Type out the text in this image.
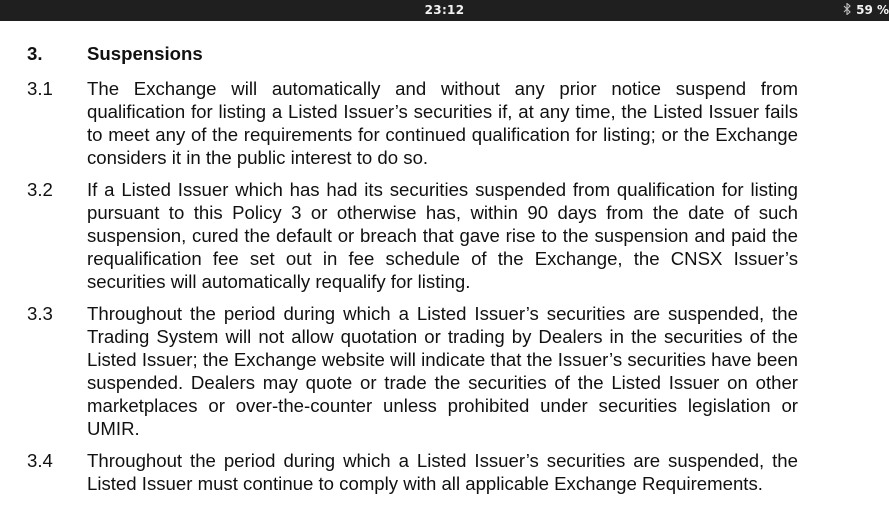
23:12	59 %
3. Suspensions
3.1 The Exchange will automatically and without any prior notice suspend from qualification for listing a Listed Issuer’s securities if, at any time, the Listed Issuer fails to meet any of the requirements for continued qualification for listing; or the Exchange considers it in the public interest to do so.
3.2 If a Listed Issuer which has had its securities suspended from qualification for listing pursuant to this Policy 3 or otherwise has, within 90 days from the date of such suspension, cured the default or breach that gave rise to the suspension and paid the requalification fee set out in fee schedule of the Exchange, the CNSX Issuer’s securities will automatically requalify for listing.
3.3 Throughout the period during which a Listed Issuer’s securities are suspended, the Trading System will not allow quotation or trading by Dealers in the securities of the Listed Issuer; the Exchange website will indicate that the Issuer’s securities have been suspended. Dealers may quote or trade the securities of the Listed Issuer on other marketplaces or over-the-counter unless prohibited under securities legislation or UMIR.
3.4 Throughout the period during which a Listed Issuer’s securities are suspended, the Listed Issuer must continue to comply with all applicable Exchange Requirements.
